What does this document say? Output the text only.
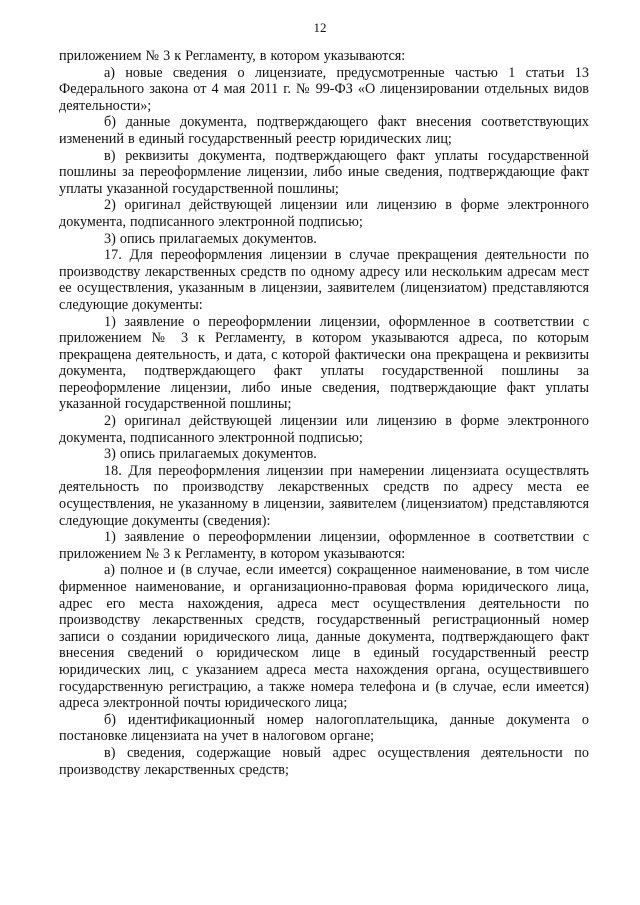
12

приложением № 3 к Регламенту, в котором указываются:

а) новые сведения о лицензиате, предусмотренные частью 1 статьи 13 Федерального закона от 4 мая 2011 г. № 99-ФЗ «О лицензировании отдельных видов деятельности»;

б) данные документа, подтверждающего факт внесения соответствующих изменений в единый государственный реестр юридических лиц;

в) реквизиты документа, подтверждающего факт уплаты государственной пошлины за переоформление лицензии, либо иные сведения, подтверждающие факт уплаты указанной государственной пошлины;

2) оригинал действующей лицензии или лицензию в форме электронного документа, подписанного электронной подписью;

3) опись прилагаемых документов.

17. Для переоформления лицензии в случае прекращения деятельности по производству лекарственных средств по одному адресу или нескольким адресам мест ее осуществления, указанным в лицензии, заявителем (лицензиатом) представляются следующие документы:

1) заявление о переоформлении лицензии, оформленное в соответствии с приложением № 3 к Регламенту, в котором указываются адреса, по которым прекращена деятельность, и дата, с которой фактически она прекращена и реквизиты документа, подтверждающего факт уплаты государственной пошлины за переоформление лицензии, либо иные сведения, подтверждающие факт уплаты указанной государственной пошлины;

2) оригинал действующей лицензии или лицензию в форме электронного документа, подписанного электронной подписью;

3) опись прилагаемых документов.

18. Для переоформления лицензии при намерении лицензиата осуществлять деятельность по производству лекарственных средств по адресу места ее осуществления, не указанному в лицензии, заявителем (лицензиатом) представляются следующие документы (сведения):

1) заявление о переоформлении лицензии, оформленное в соответствии с приложением № 3 к Регламенту, в котором указываются:

а) полное и (в случае, если имеется) сокращенное наименование, в том числе фирменное наименование, и организационно-правовая форма юридического лица, адрес его места нахождения, адреса мест осуществления деятельности по производству лекарственных средств, государственный регистрационный номер записи о создании юридического лица, данные документа, подтверждающего факт внесения сведений о юридическом лице в единый государственный реестр юридических лиц, с указанием адреса места нахождения органа, осуществившего государственную регистрацию, а также номера телефона и (в случае, если имеется) адреса электронной почты юридического лица;

б) идентификационный номер налогоплательщика, данные документа о постановке лицензиата на учет в налоговом органе;

в) сведения, содержащие новый адрес осуществления деятельности по производству лекарственных средств;
